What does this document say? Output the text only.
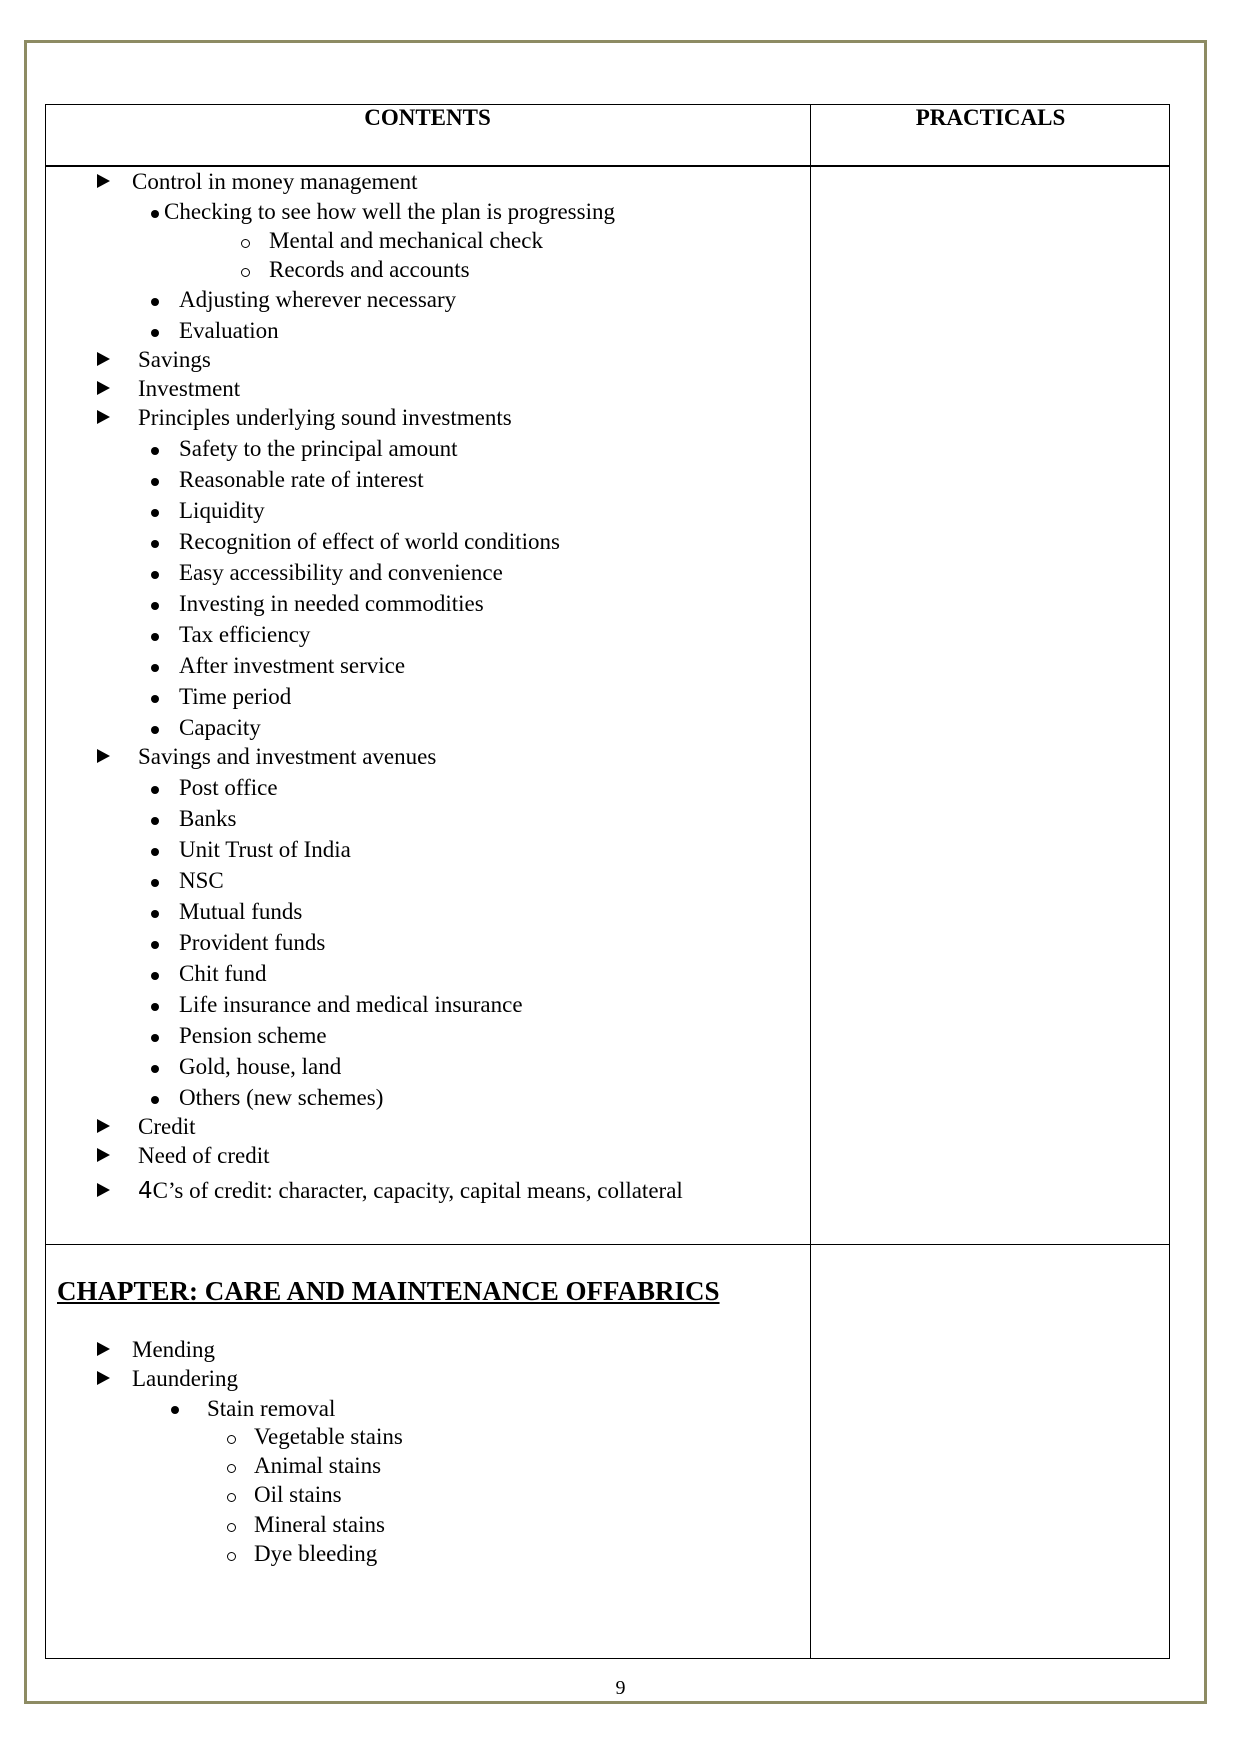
CONTENTS	PRACTICALS
Control in money management
Checking to see how well the plan is progressing
Mental and mechanical check
Records and accounts
Adjusting wherever necessary
Evaluation
Savings
Investment
Principles underlying sound investments
Safety to the principal amount
Reasonable rate of interest
Liquidity
Recognition of effect of world conditions
Easy accessibility and convenience
Investing in needed commodities
Tax efficiency
After investment service
Time period
Capacity
Savings and investment avenues
Post office
Banks
Unit Trust of India
NSC
Mutual funds
Provident funds
Chit fund
Life insurance and medical insurance
Pension scheme
Gold, house, land
Others (new schemes)
Credit
Need of credit
4C’s of credit: character, capacity, capital means, collateral
CHAPTER: CARE AND MAINTENANCE OFFABRICS
Mending
Laundering
Stain removal
Vegetable stains
Animal stains
Oil stains
Mineral stains
Dye bleeding
9
